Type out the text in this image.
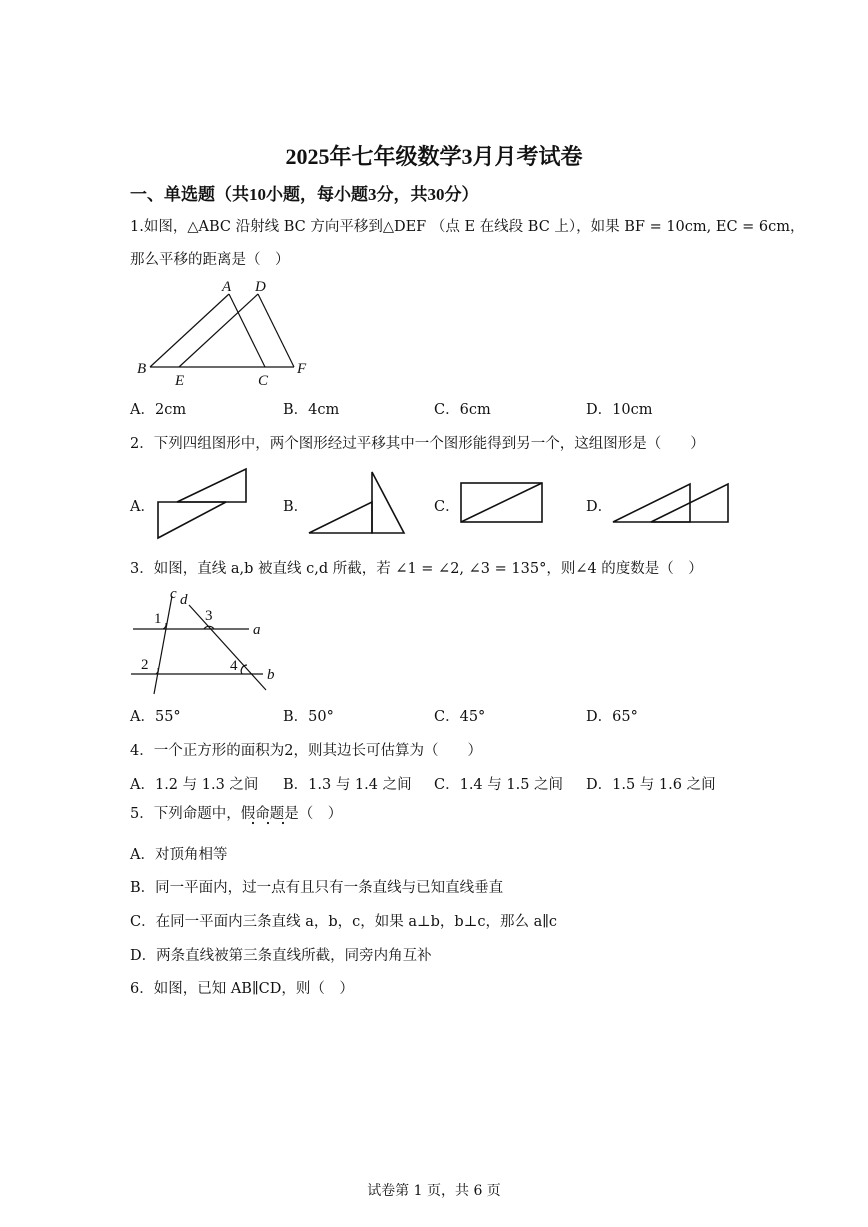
2025年七年级数学3月月考试卷
一、单选题（共10小题，每小题3分，共30分）
1.如图，△ABC 沿射线 BC 方向平移到△DEF （点 E 在线段 BC 上），如果 BF = 10cm, EC = 6cm，
那么平移的距离是（　）
A D
B
E	C
F
A．2cm	B．4cm	C．6cm	D．10cm
2．下列四组图形中，两个图形经过平移其中一个图形能得到另一个，这组图形是（　　）
A．	B．	C．	D．
3．如图，直线 a,b 被直线 c,d 所截，若 ∠1 = ∠2, ∠3 = 135°，则∠4 的度数是（　）
c d
a
b
1
2
3
4
A．55°	B．50°	C．45°	D．65°
4．一个正方形的面积为2，则其边长可估算为（　　）
A．1.2 与 1.3 之间 B．1.3 与 1.4 之间 C．1.4 与 1.5 之间 D．1.5 与 1.6 之间
5．下列命题中，假命题是（　）
A．对顶角相等
B．同一平面内，过一点有且只有一条直线与已知直线垂直
C．在同一平面内三条直线 a，b，c，如果 a⊥b，b⊥c，那么 a∥c
D．两条直线被第三条直线所截，同旁内角互补
6．如图，已知 AB∥CD，则（　）
试卷第 1 页，共 6 页
